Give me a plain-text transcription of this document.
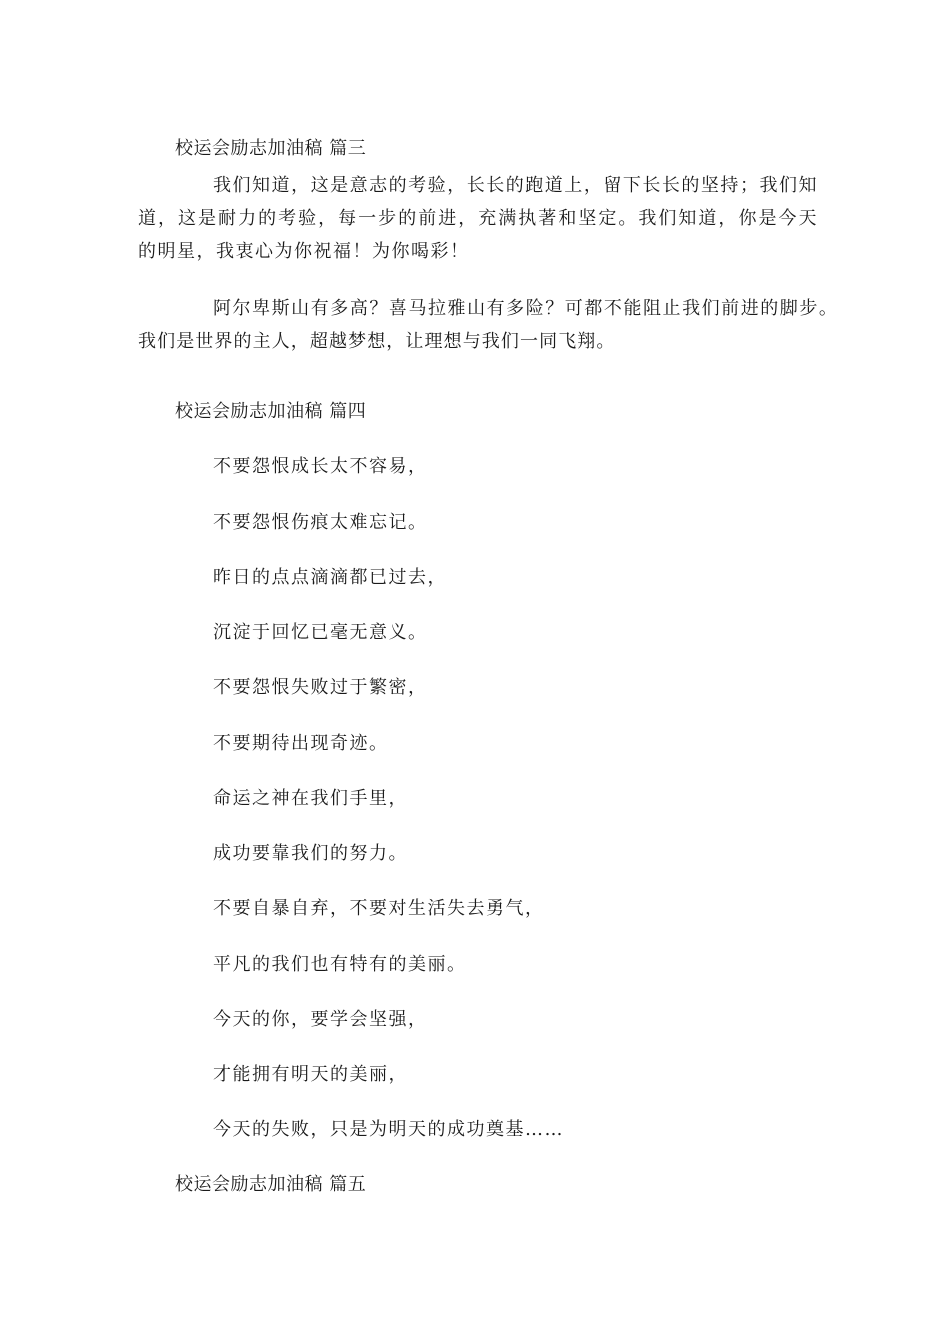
校运会励志加油稿 篇三

我们知道，这是意志的考验，长长的跑道上，留下长长的坚持；我们知道，这是耐力的考验，每一步的前进，充满执著和坚定。我们知道，你是今天的明星，我衷心为你祝福！为你喝彩！

阿尔卑斯山有多高？喜马拉雅山有多险？可都不能阻止我们前进的脚步。我们是世界的主人，超越梦想，让理想与我们一同飞翔。

校运会励志加油稿 篇四
不要怨恨成长太不容易，
不要怨恨伤痕太难忘记。
昨日的点点滴滴都已过去，
沉淀于回忆已毫无意义。
不要怨恨失败过于繁密，
不要期待出现奇迹。
命运之神在我们手里，
成功要靠我们的努力。
不要自暴自弃，不要对生活失去勇气，
平凡的我们也有特有的美丽。
今天的你，要学会坚强，
才能拥有明天的美丽，
今天的失败，只是为明天的成功奠基……
校运会励志加油稿 篇五
